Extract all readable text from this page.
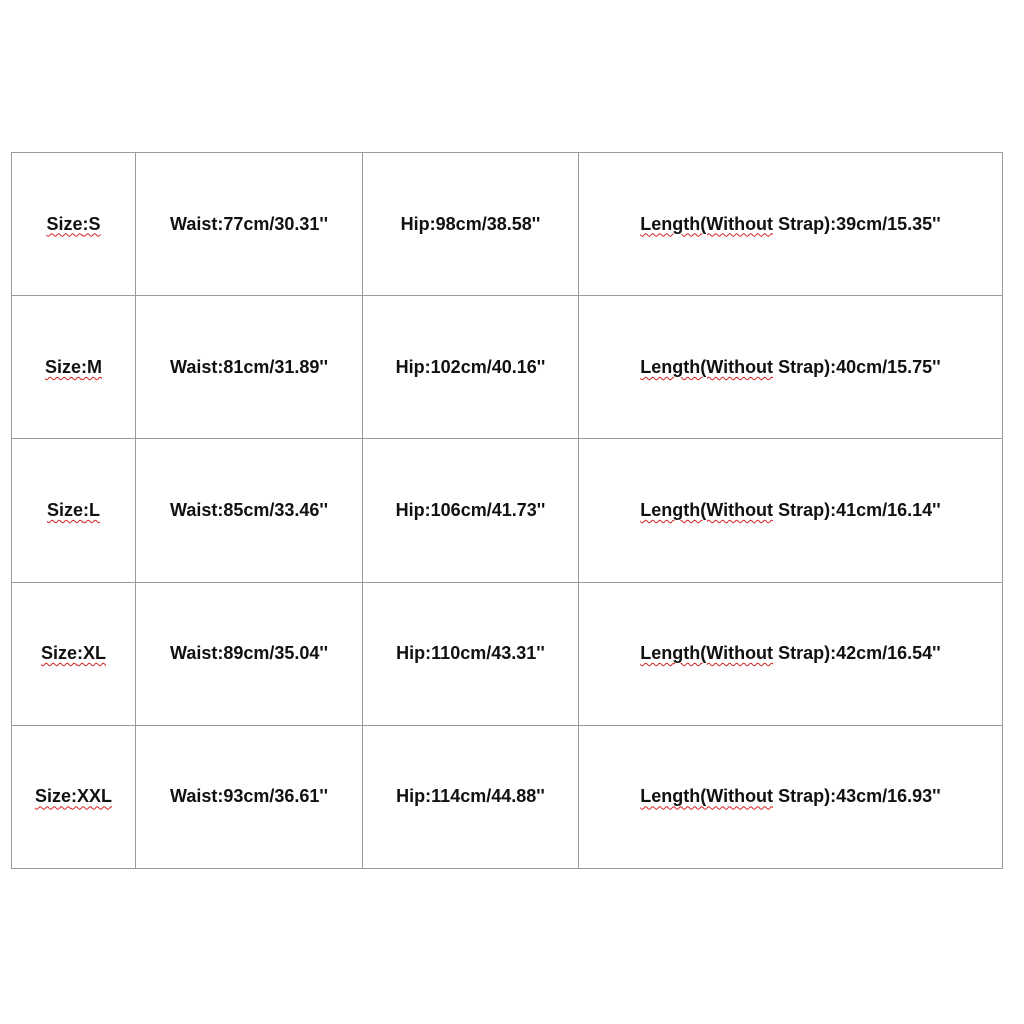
Size:S	Waist:77cm/30.31''	Hip:98cm/38.58''	Length(Without Strap):39cm/15.35''
Size:M	Waist:81cm/31.89''	Hip:102cm/40.16''	Length(Without Strap):40cm/15.75''
Size:L	Waist:85cm/33.46''	Hip:106cm/41.73''	Length(Without Strap):41cm/16.14''
Size:XL	Waist:89cm/35.04''	Hip:110cm/43.31''	Length(Without Strap):42cm/16.54''
Size:XXL	Waist:93cm/36.61''	Hip:114cm/44.88''	Length(Without Strap):43cm/16.93''
